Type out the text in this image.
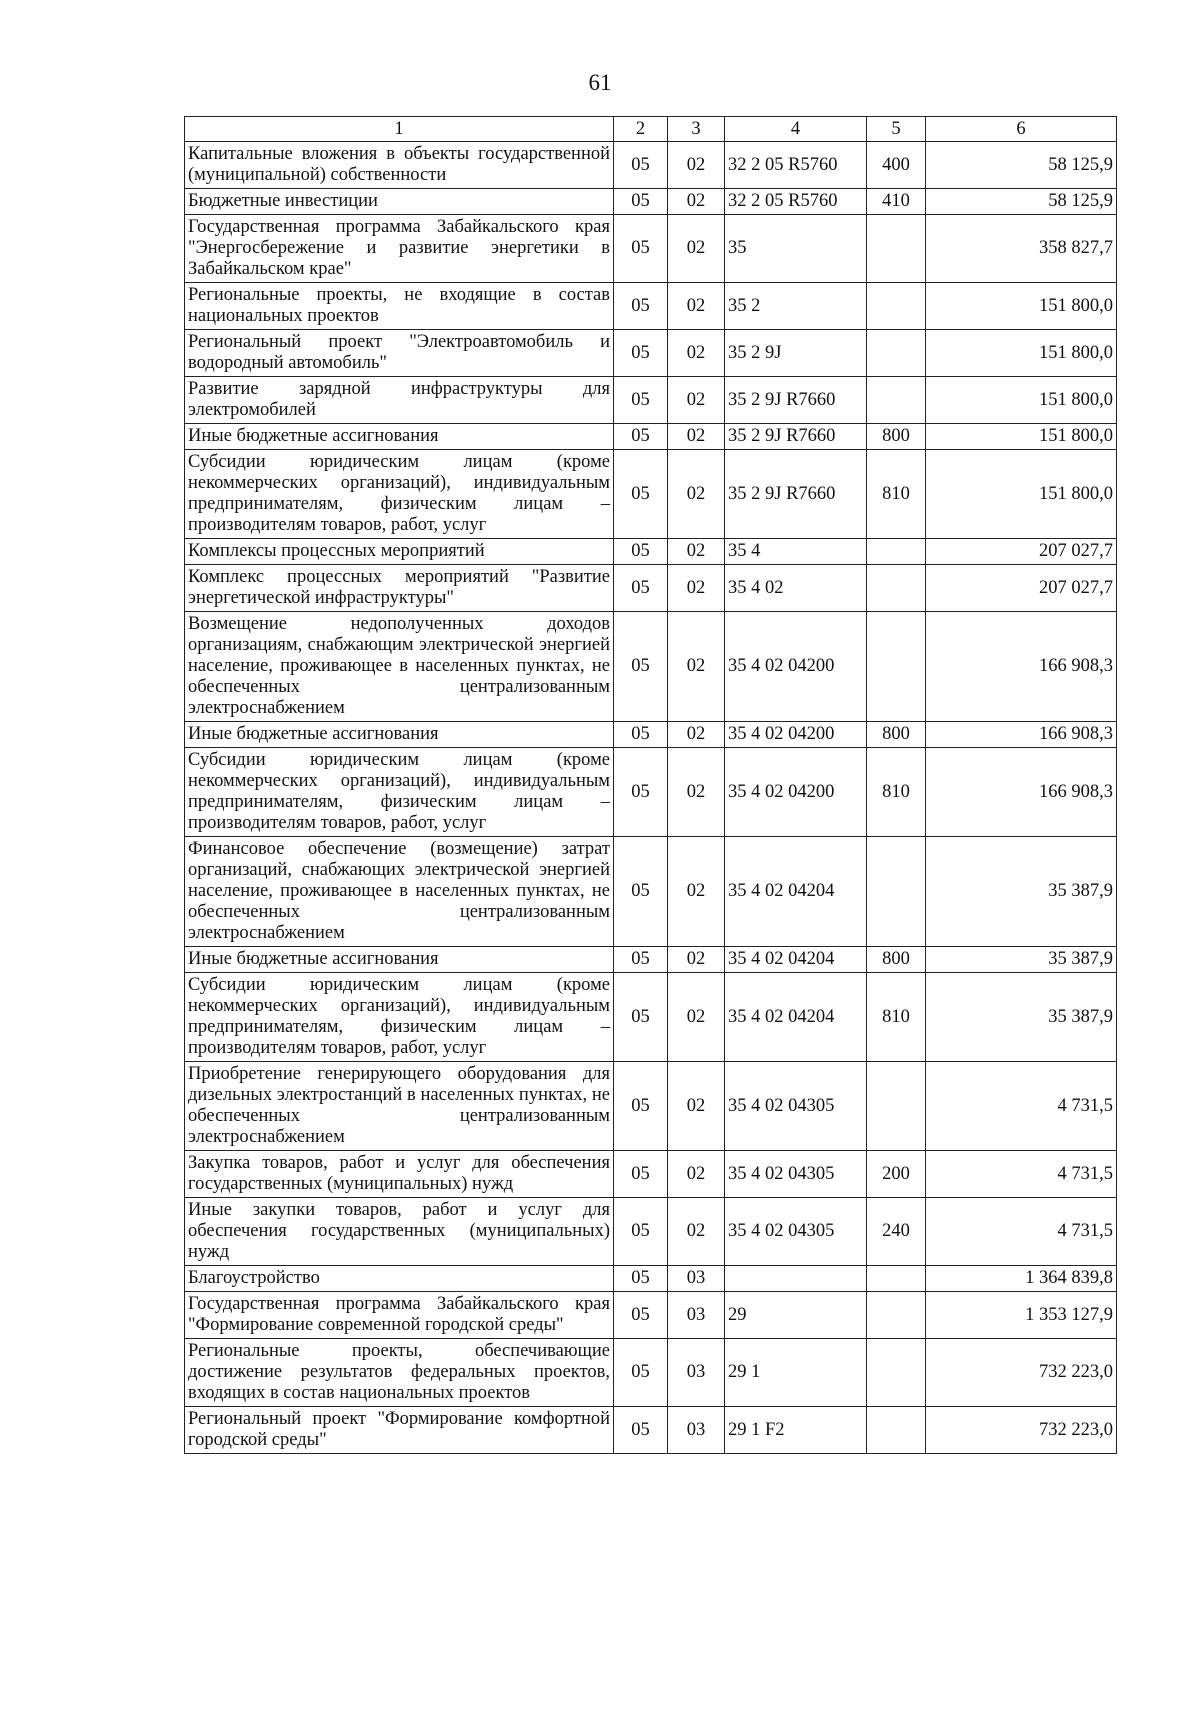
61
1	2	3	4	5	6
Капитальные вложения в объекты государственной (муниципальной) собственности	05	02	32 2 05 R5760	400	58 125,9
Бюджетные инвестиции	05	02	32 2 05 R5760	410	58 125,9
Государственная программа Забайкальского края "Энергосбережение и развитие энергетики в Забайкальском крае"	05	02	35		358 827,7
Региональные проекты, не входящие в состав национальных проектов	05	02	35 2		151 800,0
Региональный проект "Электроавтомобиль и водородный автомобиль"	05	02	35 2 9J		151 800,0
Развитие зарядной инфраструктуры для электромобилей	05	02	35 2 9J R7660		151 800,0
Иные бюджетные ассигнования	05	02	35 2 9J R7660	800	151 800,0
Субсидии юридическим лицам (кроме некоммерческих организаций), индивидуальным предпринимателям, физическим лицам – производителям товаров, работ, услуг	05	02	35 2 9J R7660	810	151 800,0
Комплексы процессных мероприятий	05	02	35 4		207 027,7
Комплекс процессных мероприятий "Развитие энергетической инфраструктуры"	05	02	35 4 02		207 027,7
Возмещение недополученных доходов организациям, снабжающим электрической энергией население, проживающее в населенных пунктах, не обеспеченных централизованным электроснабжением	05	02	35 4 02 04200		166 908,3
Иные бюджетные ассигнования	05	02	35 4 02 04200	800	166 908,3
Субсидии юридическим лицам (кроме некоммерческих организаций), индивидуальным предпринимателям, физическим лицам – производителям товаров, работ, услуг	05	02	35 4 02 04200	810	166 908,3
Финансовое обеспечение (возмещение) затрат организаций, снабжающих электрической энергией население, проживающее в населенных пунктах, не обеспеченных централизованным электроснабжением	05	02	35 4 02 04204		35 387,9
Иные бюджетные ассигнования	05	02	35 4 02 04204	800	35 387,9
Субсидии юридическим лицам (кроме некоммерческих организаций), индивидуальным предпринимателям, физическим лицам – производителям товаров, работ, услуг	05	02	35 4 02 04204	810	35 387,9
Приобретение генерирующего оборудования для дизельных электростанций в населенных пунктах, не обеспеченных централизованным электроснабжением	05	02	35 4 02 04305		4 731,5
Закупка товаров, работ и услуг для обеспечения государственных (муниципальных) нужд	05	02	35 4 02 04305	200	4 731,5
Иные закупки товаров, работ и услуг для обеспечения государственных (муниципальных) нужд	05	02	35 4 02 04305	240	4 731,5
Благоустройство	05	03			1 364 839,8
Государственная программа Забайкальского края "Формирование современной городской среды"	05	03	29		1 353 127,9
Региональные проекты, обеспечивающие достижение результатов федеральных проектов, входящих в состав национальных проектов	05	03	29 1		732 223,0
Региональный проект "Формирование комфортной городской среды"	05	03	29 1 F2		732 223,0
